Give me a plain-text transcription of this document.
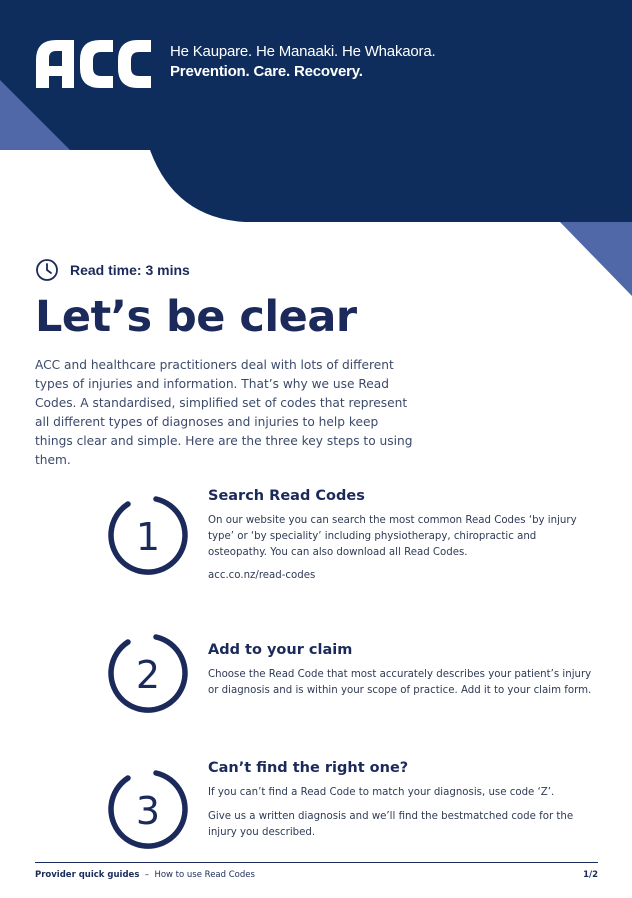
He Kaupare. He Manaaki. He Whakaora.
Prevention. Care. Recovery.
Read time: 3 mins
Let’s be clear

ACC and healthcare practitioners deal with lots of different types of injuries and information. That’s why we use Read Codes. A standardised, simplified set of codes that represent all different types of diagnoses and injuries to help keep things clear and simple. Here are the three key steps to using them.

1
Search Read Codes
On our website you can search the most common Read Codes ‘by injury type’ or ‘by speciality’ including physiotherapy, chiropractic and osteopathy. You can also download all Read Codes.
acc.co.nz/read-codes
2
Add to your claim
Choose the Read Code that most accurately describes your patient’s injury or diagnosis and is within your scope of practice. Add it to your claim form.
3
Can’t find the right one?
If you can’t find a Read Code to match your diagnosis, use code ‘Z’.
Give us a written diagnosis and we’ll find the bestmatched code for the injury you described.
Provider quick guides – How to use Read Codes	1/2
